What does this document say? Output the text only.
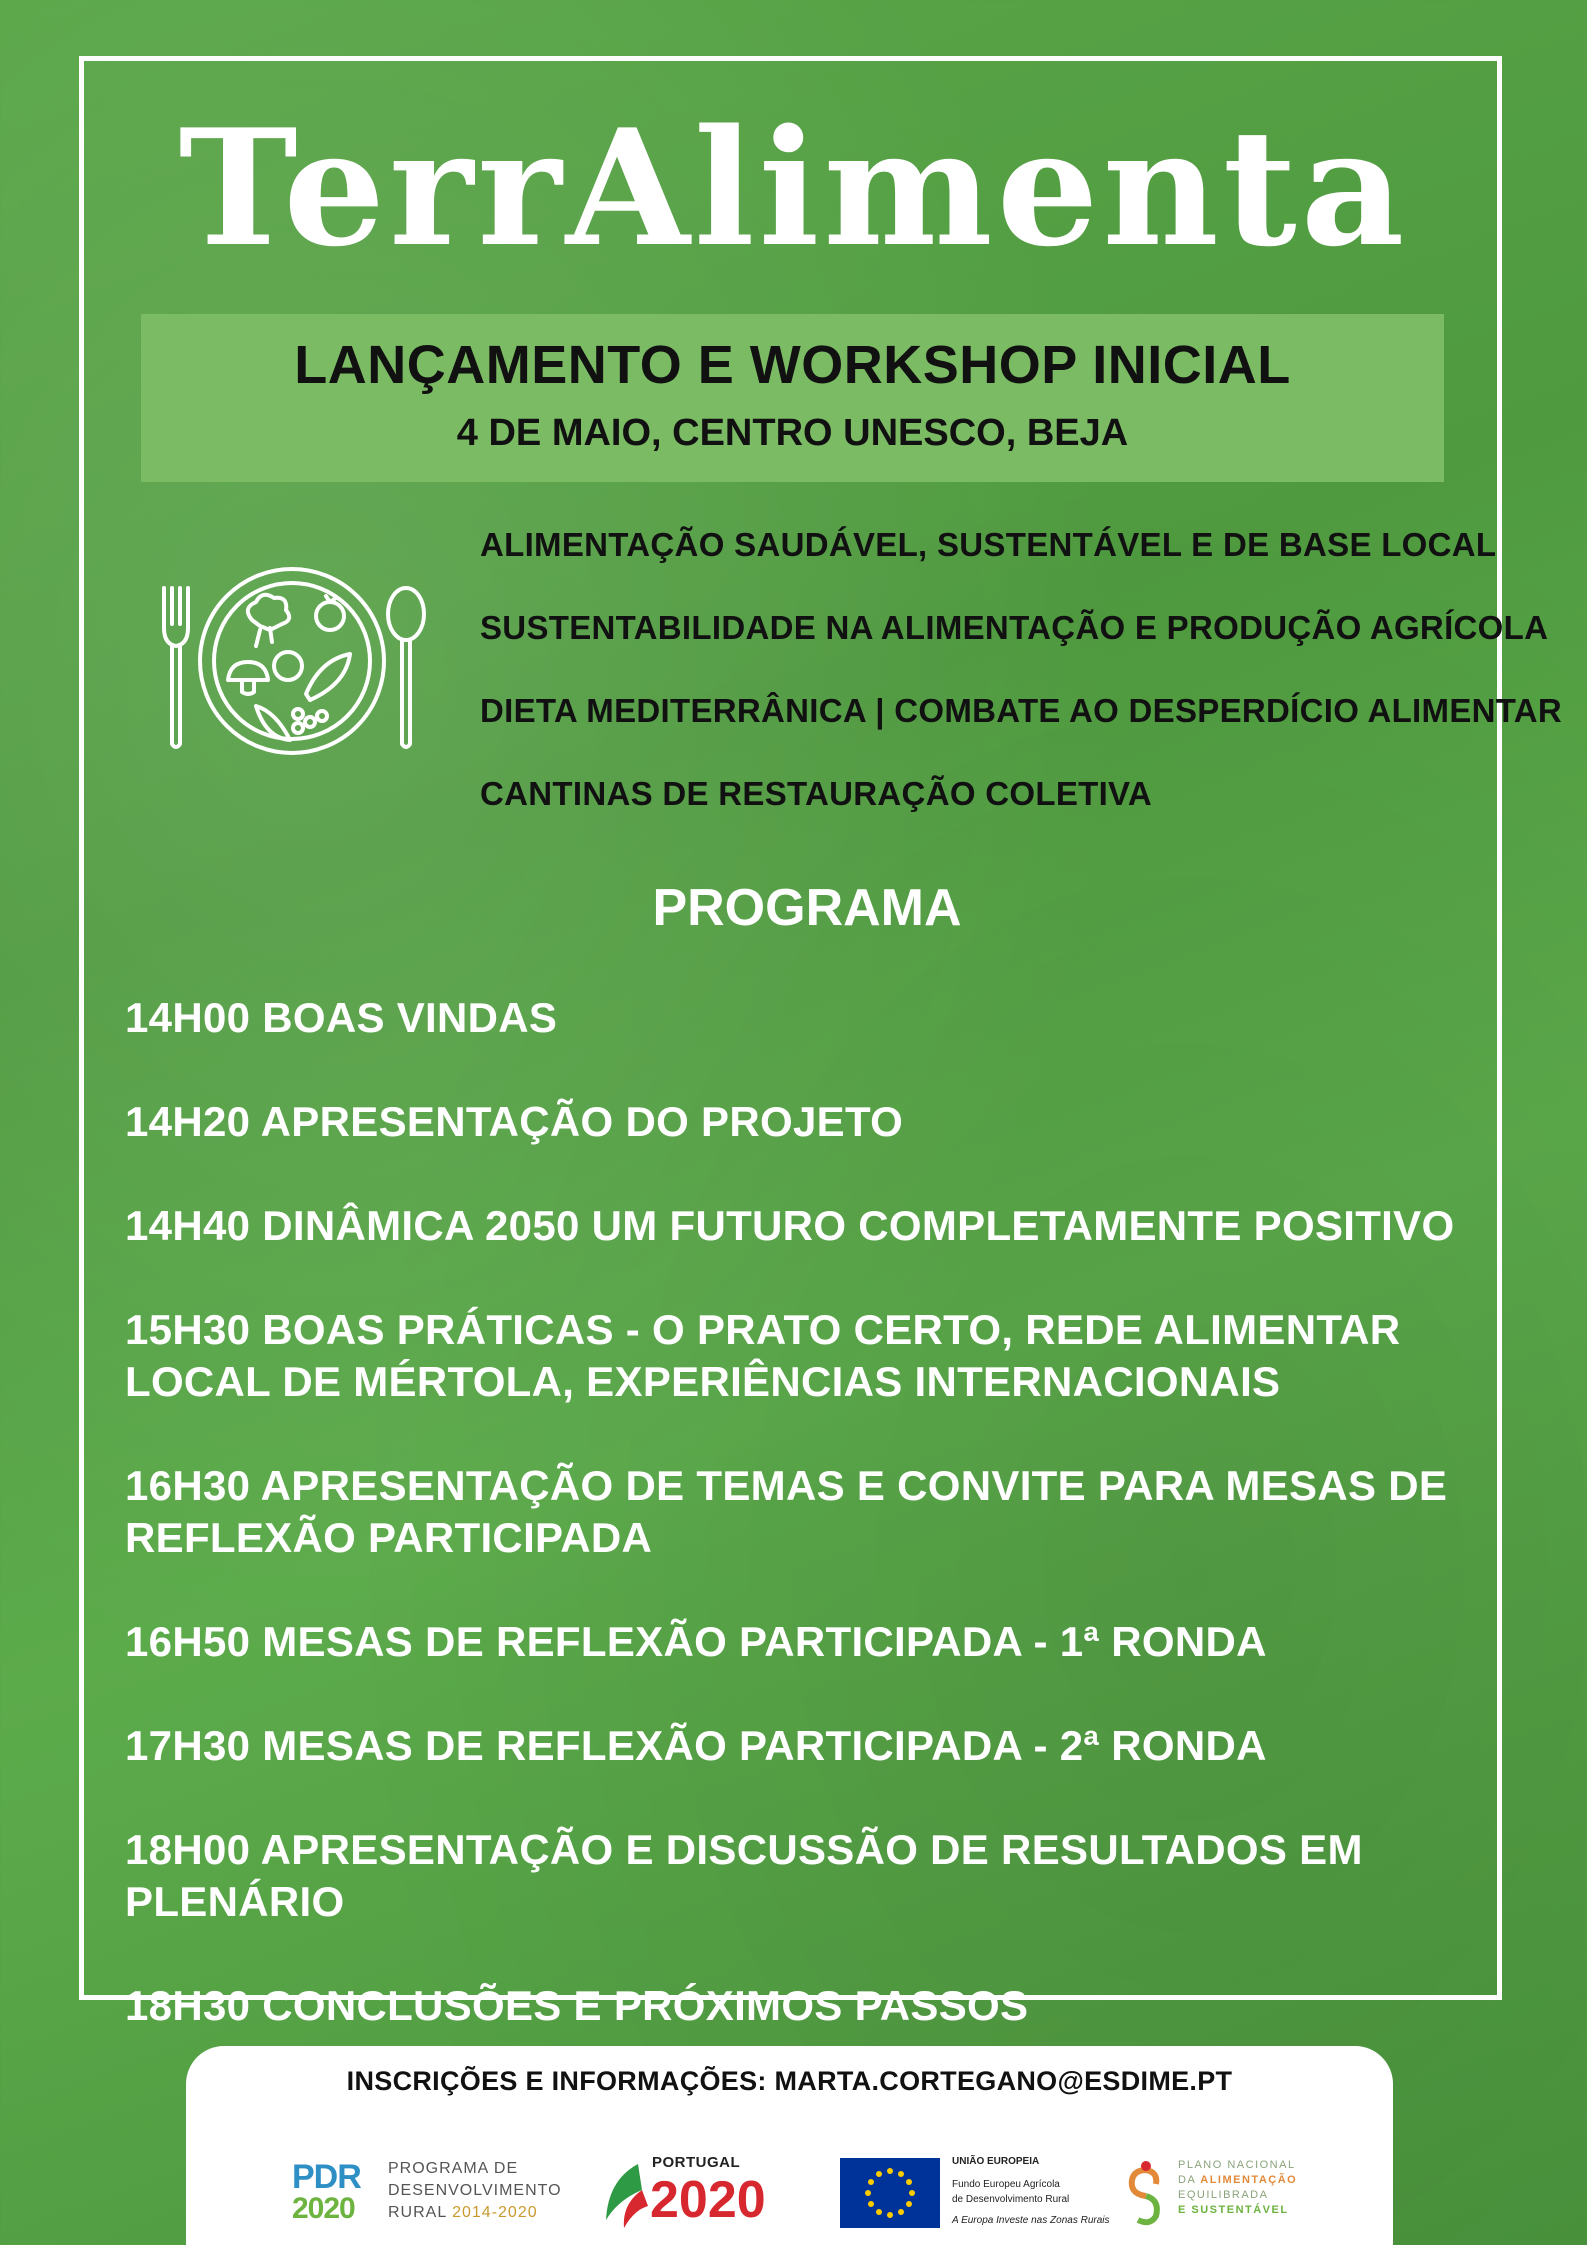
TerrAlimenta
LANÇAMENTO E WORKSHOP INICIAL
4 DE MAIO, CENTRO UNESCO, BEJA
ALIMENTAÇÃO SAUDÁVEL, SUSTENTÁVEL E DE BASE LOCAL
SUSTENTABILIDADE NA ALIMENTAÇÃO E PRODUÇÃO AGRÍCOLA
DIETA MEDITERRÂNICA | COMBATE AO DESPERDÍCIO ALIMENTAR
CANTINAS DE RESTAURAÇÃO COLETIVA
PROGRAMA
14H00 BOAS VINDAS
14H20 APRESENTAÇÃO DO PROJETO
14H40 DINÂMICA 2050 UM FUTURO COMPLETAMENTE POSITIVO
15H30 BOAS PRÁTICAS - O PRATO CERTO, REDE ALIMENTAR LOCAL DE MÉRTOLA, EXPERIÊNCIAS INTERNACIONAIS
16H30 APRESENTAÇÃO DE TEMAS E CONVITE PARA MESAS DE REFLEXÃO PARTICIPADA
16H50 MESAS DE REFLEXÃO PARTICIPADA - 1ª RONDA
17H30 MESAS DE REFLEXÃO PARTICIPADA - 2ª RONDA
18H00 APRESENTAÇÃO E DISCUSSÃO DE RESULTADOS EM PLENÁRIO
18H30 CONCLUSÕES E PRÓXIMOS PASSOS
INSCRIÇÕES E INFORMAÇÕES: MARTA.CORTEGANO@ESDIME.PT
PDR
2020
PROGRAMA DE
DESENVOLVIMENTO
RURAL 2014-2020
PORTUGAL
2020
UNIÃO EUROPEIA
Fundo Europeu Agrícola
de Desenvolvimento Rural
A Europa Investe nas Zonas Rurais
PLANO NACIONAL
DA ALIMENTAÇÃO
EQUILIBRADA
E SUSTENTÁVEL
